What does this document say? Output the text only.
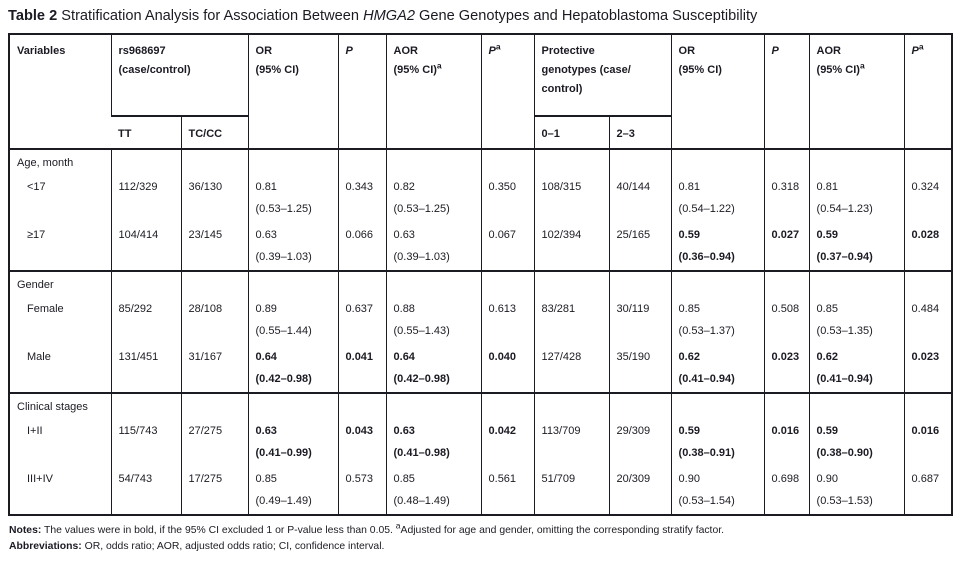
Table 2 Stratification Analysis for Association Between HMGA2 Gene Genotypes and Hepatoblastoma Susceptibility
Variables	rs968697
(case/control)

OR
(95% CI)
	P	AOR
(95% CI)$^a$
	$P^a$	Protective
genotypes (case/
control)

OR
(95% CI)
	P	AOR
(95% CI)$^a$
	$P^a$
	TT	TC/CC					0–1	2–3				
Age, month												
<17	112/329	36/130	0.81
(0.53–1.25)
	0.343	0.82
(0.53–1.25)
	0.350	108/315	40/144	0.81
(0.54–1.22)
	0.318	0.81
(0.54–1.23)
	0.324
≥17	104/414	23/145	0.63
(0.39–1.03)
	0.066	0.63
(0.39–1.03)
	0.067	102/394	25/165	0.59
(0.36–0.94)
	0.027	0.59
(0.37–0.94)
	0.028
Gender												
Female	85/292	28/108	0.89
(0.55–1.44)
	0.637	0.88
(0.55–1.43)
	0.613	83/281	30/119	0.85
(0.53–1.37)
	0.508	0.85
(0.53–1.35)
	0.484
Male	131/451	31/167	0.64
(0.42–0.98)
	0.041	0.64
(0.42–0.98)
	0.040	127/428	35/190	0.62
(0.41–0.94)
	0.023	0.62
(0.41–0.94)
	0.023
Clinical stages												
I+II	115/743	27/275	0.63
(0.41–0.99)
	0.043	0.63
(0.41–0.98)
	0.042	113/709	29/309	0.59
(0.38–0.91)
	0.016	0.59
(0.38–0.90)
	0.016
III+IV	54/743	17/275	0.85
(0.49–1.49)
	0.573	0.85
(0.48–1.49)
	0.561	51/709	20/309	0.90
(0.53–1.54)
	0.698	0.90
(0.53–1.53)
	0.687

Notes: The values were in bold, if the 95% CI excluded 1 or P-value less than 0.05. $^a$Adjusted for age and gender, omitting the corresponding stratify factor.
Abbreviations: OR, odds ratio; AOR, adjusted odds ratio; CI, confidence interval.
